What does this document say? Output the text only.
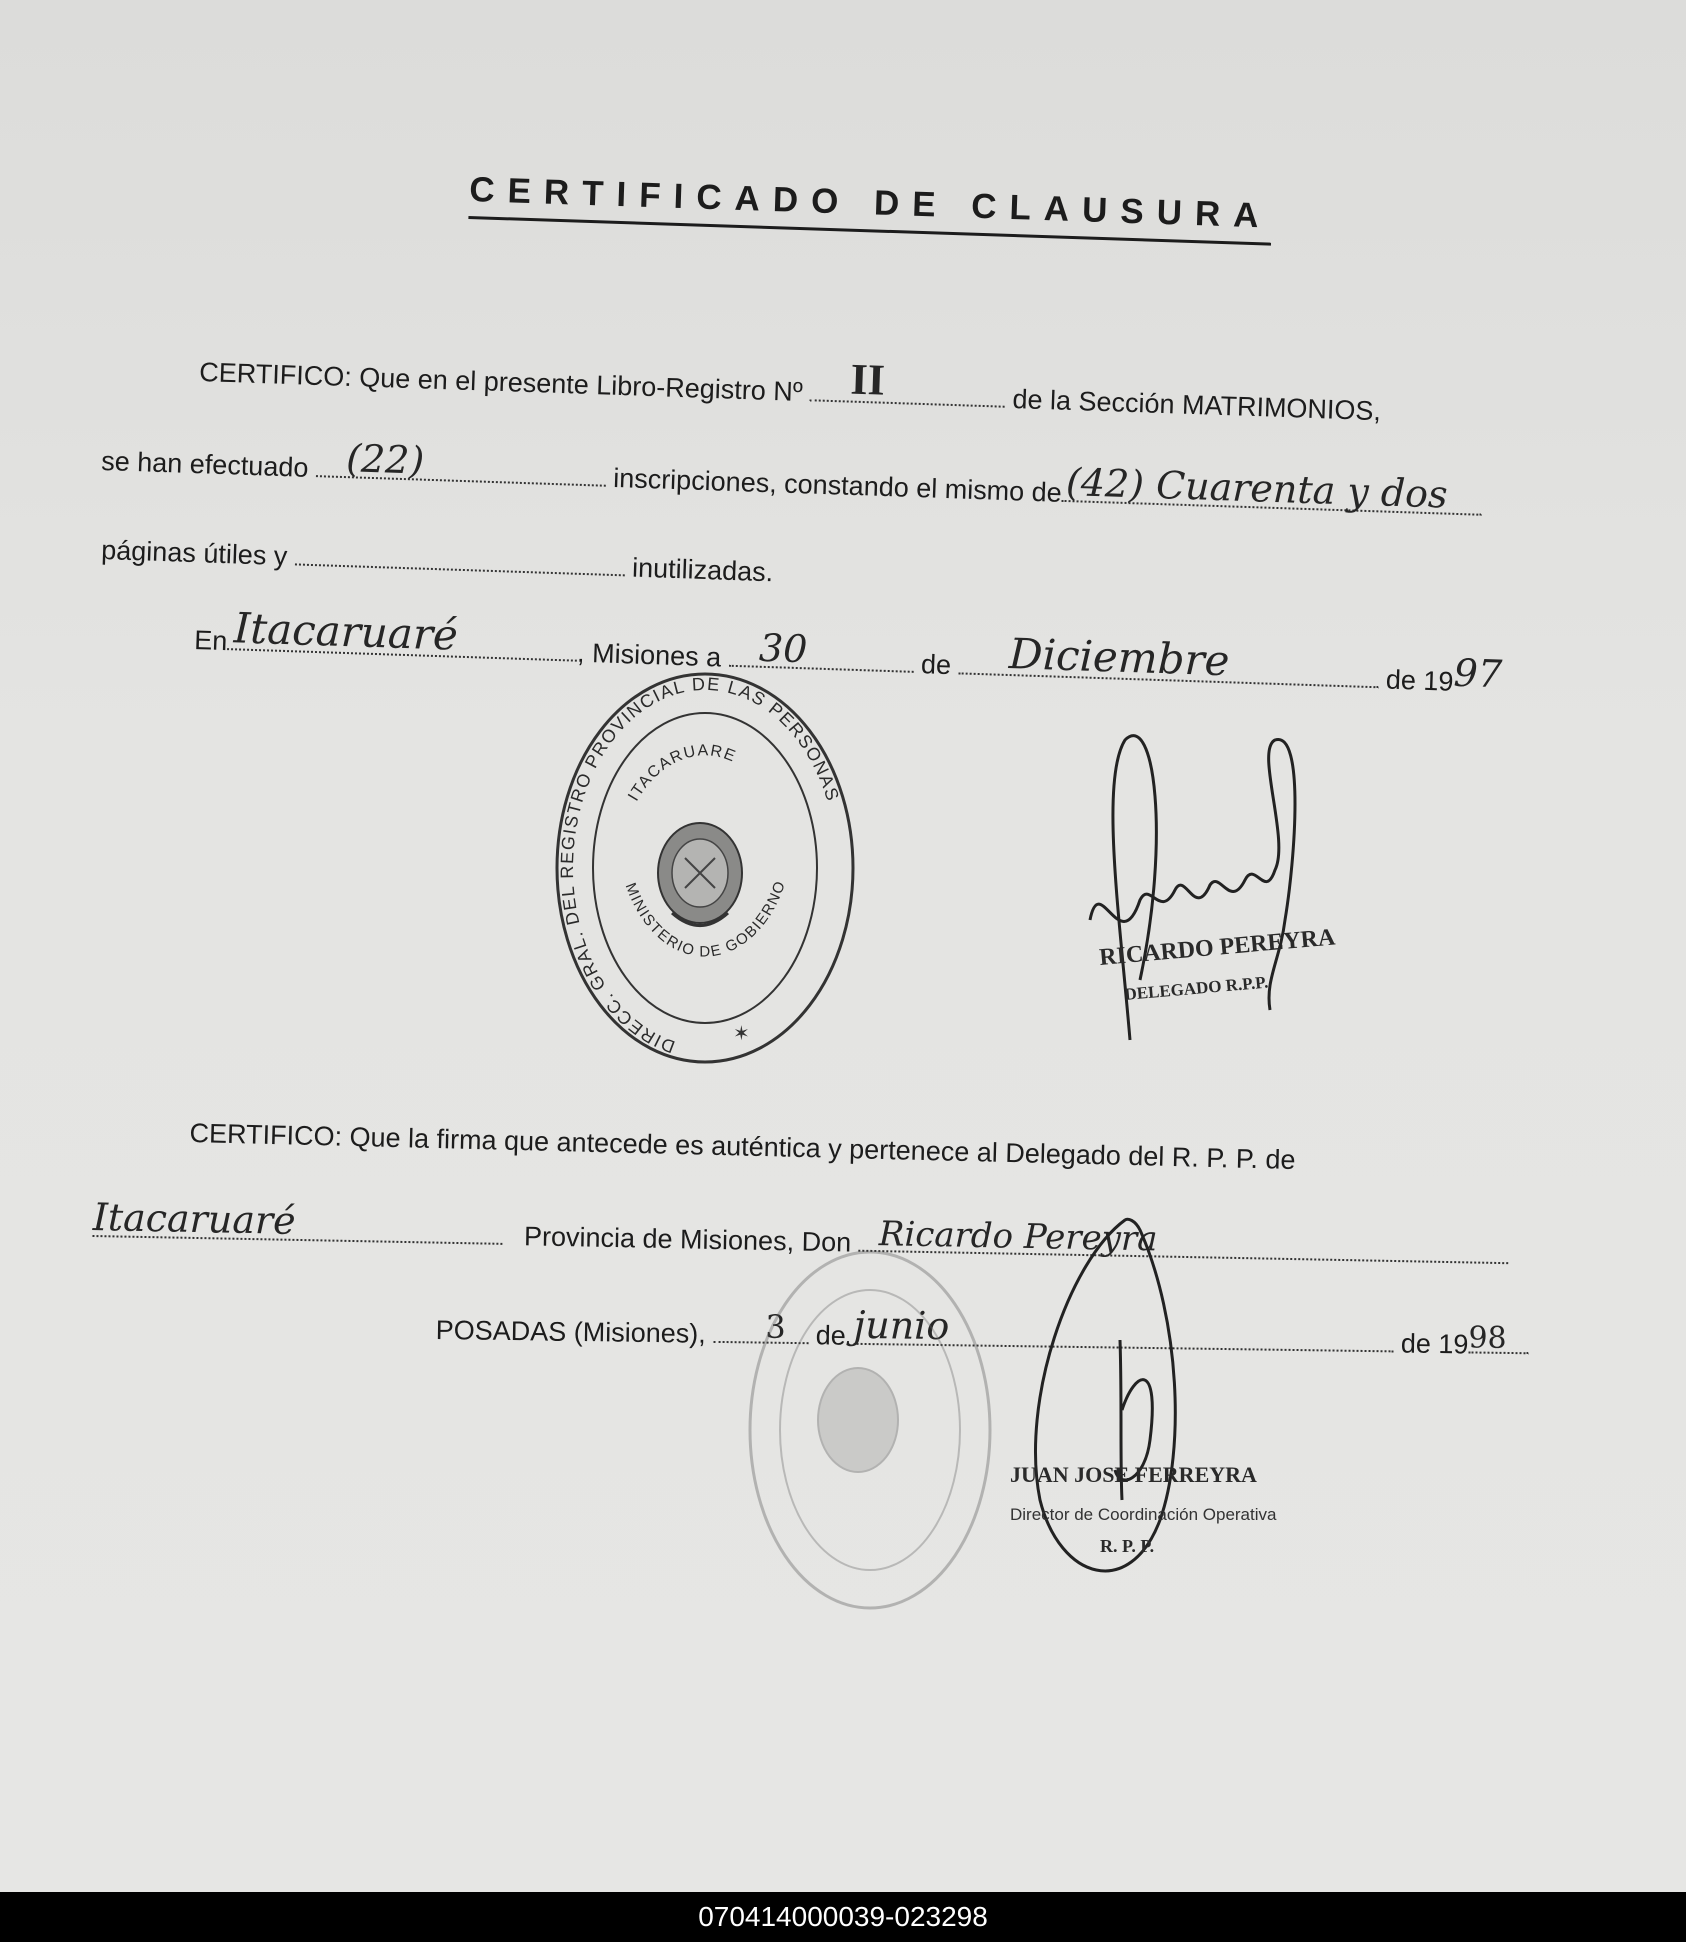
CERTIFICADO DE CLAUSURA
CERTIFICO: Que en el presente Libro-Registro Nº II
de la Sección MATRIMONIOS,
se han efectuado (22)
inscripciones, constando el mismo de (42) Cuarenta y dos
páginas útiles y	inutilizadas.
En Itacaruaré	, Misiones a 30	de Diciembre	de 19 97
DIRECC. GRAL. DEL REGISTRO PROVINCIAL DE LAS PERSONAS
ITACARUARE
MINISTERIO DE GOBIERNO
✶
RICARDO PEREYRA
DELEGADO R.P.P.
CERTIFICO: Que la firma que antecede es auténtica y pertenece al Delegado del R. P. P. de
Itacaruaré	Provincia de Misiones, Don Ricardo Pereyra
POSADAS (Misiones), 3 de junio	de 19 98
JUAN JOSE FERREYRA
Director de Coordinación Operativa
R. P. P.
070414000039-023298
